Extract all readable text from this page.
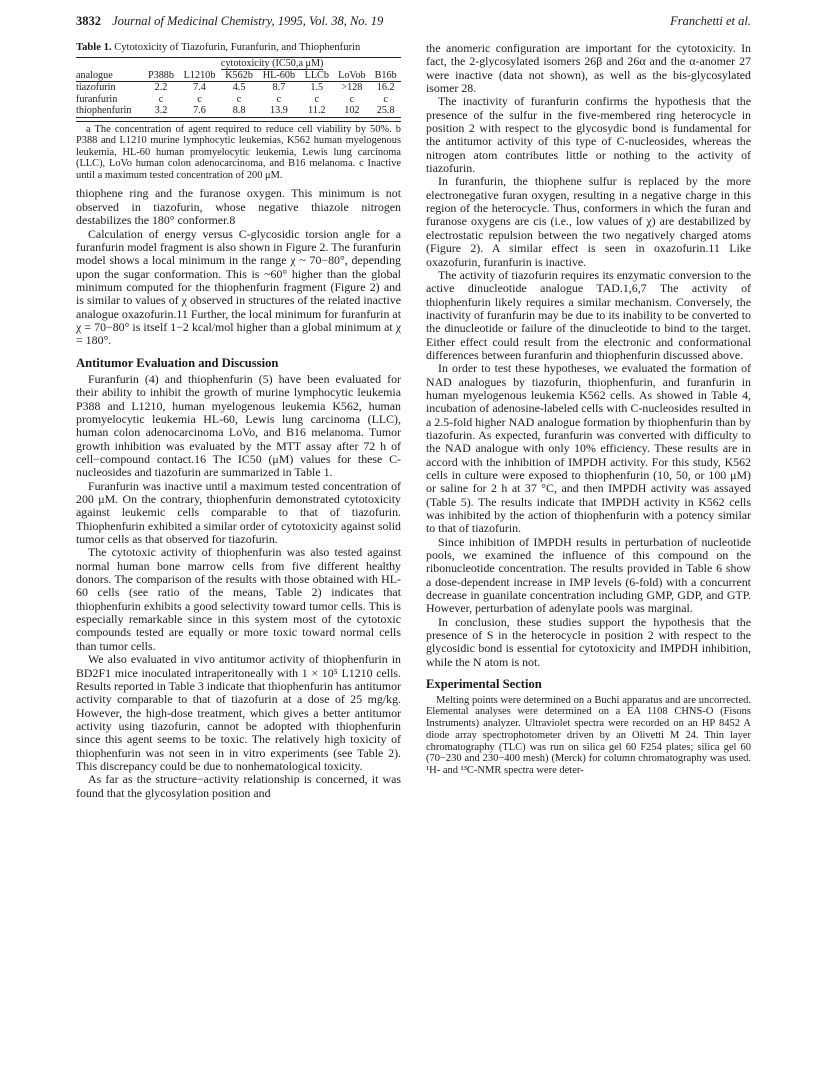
3832 Journal of Medicinal Chemistry, 1995, Vol. 38, No. 19	Franchetti et al.
Table 1. Cytotoxicity of Tiazofurin, Furanfurin, and Thiophenfurin
	cytotoxicity (IC50,a μM)						
analogue	P388b	L1210b	K562b	HL-60b	LLCb	LoVob	B16b
tiazofurin	2.2	7.4	4.5	8.7	1.5	>128	16.2
furanfurin	c	c	c	c	c	c	c
thiophenfurin	3.2	7.6	8.8	13.9	11.2	102	25.8

a The concentration of agent required to reduce cell viability by 50%. b P388 and L1210 murine lymphocytic leukemias, K562 human myelogenous leukemia, HL-60 human promyelocytic leukemia, Lewis lung carcinoma (LLC), LoVo human colon adenocarcinoma, and B16 melanoma. c Inactive until a maximum tested concentration of 200 μM.

thiophene ring and the furanose oxygen. This minimum is not observed in tiazofurin, whose negative thiazole nitrogen destabilizes the 180° conformer.8

Calculation of energy versus C-glycosidic torsion angle for a furanfurin model fragment is also shown in Figure 2. The furanfurin model shows a local minimum in the range χ ~ 70−80°, depending upon the sugar conformation. This is ~60° higher than the global minimum computed for the thiophenfurin fragment (Figure 2) and is similar to values of χ observed in structures of the related inactive analogue oxazofurin.11 Further, the local minimum for furanfurin at χ = 70−80° is itself 1−2 kcal/mol higher than a global minimum at χ = 180°.

Antitumor Evaluation and Discussion

Furanfurin (4) and thiophenfurin (5) have been evaluated for their ability to inhibit the growth of murine lymphocytic leukemia P388 and L1210, human myelogenous leukemia K562, human promyelocytic leukemia HL-60, Lewis lung carcinoma (LLC), human colon adenocarcinoma LoVo, and B16 melanoma. Tumor growth inhibition was evaluated by the MTT assay after 72 h of cell−compound contact.16 The IC50 (μM) values for these C-nucleosides and tiazofurin are summarized in Table 1.

Furanfurin was inactive until a maximum tested concentration of 200 μM. On the contrary, thiophenfurin demonstrated cytotoxicity against leukemic cells comparable to that of tiazofurin. Thiophenfurin exhibited a similar order of cytotoxicity against solid tumor cells as that observed for tiazofurin.

The cytotoxic activity of thiophenfurin was also tested against normal human bone marrow cells from five different healthy donors. The comparison of the results with those obtained with HL-60 cells (see ratio of the means, Table 2) indicates that thiophenfurin exhibits a good selectivity toward tumor cells. This is especially remarkable since in this system most of the cytotoxic compounds tested are equally or more toxic toward normal cells than tumor cells.

We also evaluated in vivo antitumor activity of thiophenfurin in BD2F1 mice inoculated intraperitoneally with 1 × 10⁵ L1210 cells. Results reported in Table 3 indicate that thiophenfurin has antitumor activity comparable to that of tiazofurin at a dose of 25 mg/kg. However, the high-dose treatment, which gives a better antitumor activity using tiazofurin, cannot be adopted with thiophenfurin since this agent seems to be toxic. The relatively high toxicity of thiophenfurin was not seen in in vitro experiments (see Table 2). This discrepancy could be due to nonhematological toxicity.

As far as the structure−activity relationship is concerned, it was found that the glycosylation position and

the anomeric configuration are important for the cytotoxicity. In fact, the 2-glycosylated isomers 26β and 26α and the α-anomer 27 were inactive (data not shown), as well as the bis-glycosylated isomer 28.

The inactivity of furanfurin confirms the hypothesis that the presence of the sulfur in the five-membered ring heterocycle in position 2 with respect to the glycosydic bond is fundamental for the antitumor activity of this type of C-nucleosides, whereas the nitrogen atom contributes little or nothing to the activity of tiazofurin.

In furanfurin, the thiophene sulfur is replaced by the more electronegative furan oxygen, resulting in a negative charge in this region of the heterocycle. Thus, conformers in which the furan and furanose oxygens are cis (i.e., low values of χ) are destabilized by electrostatic repulsion between the two negatively charged atoms (Figure 2). A similar effect is seen in oxazofurin.11 Like oxazofurin, furanfurin is inactive.

The activity of tiazofurin requires its enzymatic conversion to the active dinucleotide analogue TAD.1,6,7 The activity of thiophenfurin likely requires a similar mechanism. Conversely, the inactivity of furanfurin may be due to its inability to be converted to the dinucleotide or failure of the dinucleotide to bind to the target. Either effect could result from the electronic and conformational differences between furanfurin and thiophenfurin discussed above.

In order to test these hypotheses, we evaluated the formation of NAD analogues by tiazofurin, thiophenfurin, and furanfurin in human myelogenous leukemia K562 cells. As showed in Table 4, incubation of adenosine-labeled cells with C-nucleosides resulted in a 2.5-fold higher NAD analogue formation by thiophenfurin than by tiazofurin. As expected, furanfurin was converted with difficulty to the NAD analogue with only 10% efficiency. These results are in accord with the inhibition of IMPDH activity. For this study, K562 cells in culture were exposed to thiophenfurin (10, 50, or 100 μM) or saline for 2 h at 37 °C, and then IMPDH activity was assayed (Table 5). The results indicate that IMPDH activity in K562 cells was inhibited by the action of thiophenfurin with a potency similar to that of tiazofurin.

Since inhibition of IMPDH results in perturbation of nucleotide pools, we examined the influence of this compound on the ribonucleotide concentration. The results provided in Table 6 show a dose-dependent increase in IMP levels (6-fold) with a concurrent decrease in guanilate concentration including GMP, GDP, and GTP. However, perturbation of adenylate pools was marginal.

In conclusion, these studies support the hypothesis that the presence of S in the heterocycle in position 2 with respect to the glycosidic bond is essential for cytotoxicity and IMPDH inhibition, while the N atom is not.

Experimental Section

Melting points were determined on a Buchi apparatus and are uncorrected. Elemental analyses were determined on a EA 1108 CHNS-O (Fisons Instruments) analyzer. Ultraviolet spectra were recorded on an HP 8452 A diode array spectrophotometer driven by an Olivetti M 24. Thin layer chromatography (TLC) was run on silica gel 60 F254 plates; silica gel 60 (70−230 and 230−400 mesh) (Merck) for column chromatography was used. ¹H- and ¹³C-NMR spectra were deter-
